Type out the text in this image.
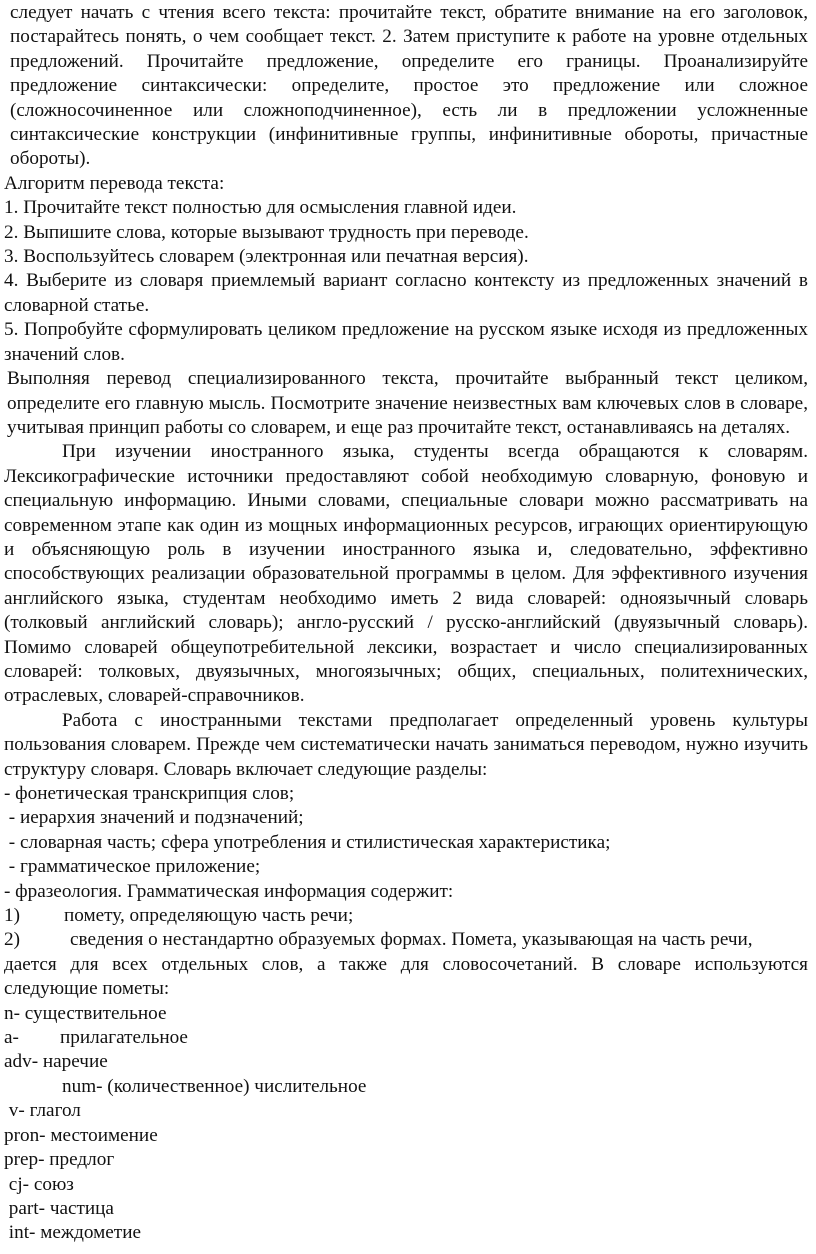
следует начать с чтения всего текста: прочитайте текст, обратите внимание на его заголовок, постарайтесь понять, о чем сообщает текст. 2. Затем приступите к работе на уровне отдельных предложений. Прочитайте предложение, определите его границы. Проанализируйте предложение синтаксически: определите, простое это предложение или сложное (сложносочиненное или сложноподчиненное), есть ли в предложении усложненные синтаксические конструкции (инфинитивные группы, инфинитивные обороты, причастные обороты).

Алгоритм перевода текста:

1. Прочитайте текст полностью для осмысления главной идеи.

2. Выпишите слова, которые вызывают трудность при переводе.

3. Воспользуйтесь словарем (электронная или печатная версия).

4. Выберите из словаря приемлемый вариант согласно контексту из предложенных значений в словарной статье.

5. Попробуйте сформулировать целиком предложение на русском языке исходя из предложенных значений слов.

Выполняя перевод специализированного текста, прочитайте выбранный текст целиком, определите его главную мысль. Посмотрите значение неизвестных вам ключевых слов в словаре, учитывая принцип работы со словарем, и еще раз прочитайте текст, останавливаясь на деталях.

При изучении иностранного языка, студенты всегда обращаются к словарям. Лексикографические источники предоставляют собой необходимую словарную, фоновую и специальную информацию. Иными словами, специальные словари можно рассматривать на современном этапе как один из мощных информационных ресурсов, играющих ориентирующую и объясняющую роль в изучении иностранного языка и, следовательно, эффективно способствующих реализации образовательной программы в целом. Для эффективного изучения английского языка, студентам необходимо иметь 2 вида словарей: одноязычный словарь (толковый английский словарь); англо-русский / русско-английский (двуязычный словарь). Помимо словарей общеупотребительной лексики, возрастает и число специализированных словарей: толковых, двуязычных, многоязычных; общих, специальных, политехнических, отраслевых, словарей-справочников.

Работа с иностранными текстами предполагает определенный уровень культуры пользования словарем. Прежде чем систематически начать заниматься переводом, нужно изучить структуру словаря. Словарь включает следующие разделы:

- фонетическая транскрипция слов;

- иерархия значений и подзначений;

- словарная часть; сфера употребления и стилистическая характеристика;

- грамматическое приложение;

- фразеология. Грамматическая информация содержит:

1)	помету, определяющую часть речи;
2)	сведения о нестандартно образуемых формах. Помета, указывающая на часть речи,

дается для всех отдельных слов, а также для словосочетаний. В словаре используются следующие пометы:

n- существительное

a- прилагательное

adv- наречие

num- (количественное) числительное

v- глагол

pron- местоимение

prep- предлог

cj- союз

part- частица

int- междометие
